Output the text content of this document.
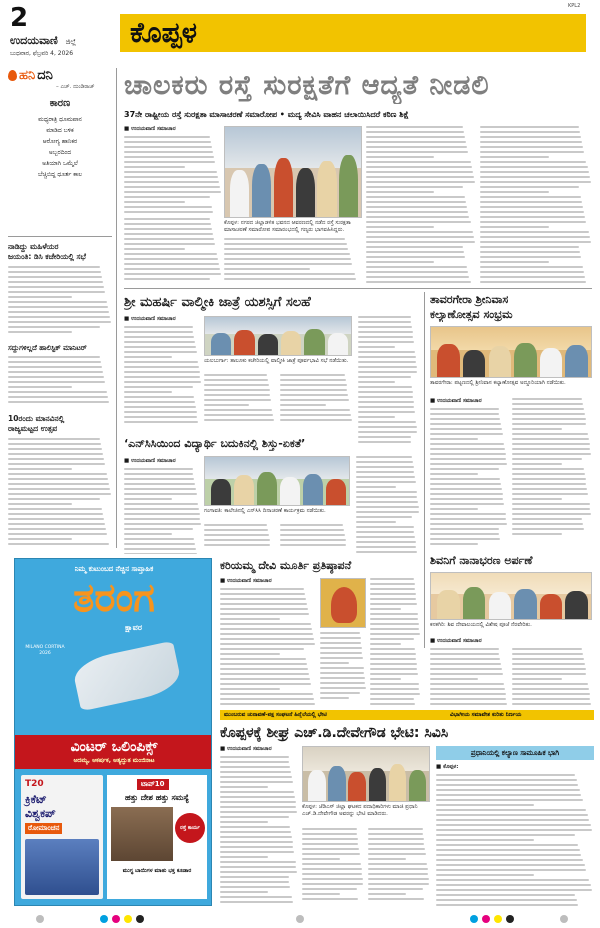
2
ಉದಯವಾಣಿ ಜಿಲ್ಲೆ
ಬುಧವಾರ, ಫೆಬ್ರವರಿ 4, 2026
ಕೊಪ್ಪಳ
KPL2
ಹನಿ ದನಿ
– ಎಚ್. ದುಂಡಿರಾಜ್
ಕಾರಣ
ಮಧ್ಯರಾತ್ರಿ ಧೂಮಪಾನ
ಮಾಡಿದ ಬಳಿಕ
ಆರೋಗ್ಯ ಹಾನಿಕರ
ಅಬ್ಬರದಿಂದ
ಅತಿಯಾಗಿ ಒಮ್ಮೆಲೆ
ಬೆಚ್ಚಿಬಿದ್ದ ಧೂರ್ತ ಕಾಲ
ನಾಡಿದ್ದು ಮಹಿಳೆಯರ
ಜಯಂತಿ: ಡಿಸಿ ಕಚೇರಿಯಲ್ಲಿ ಸಭೆ
ಸದ್ದುಗಳಿಲ್ಲದೆ ಹಾಲಿಸ್ಟಿಕ್ ಮಾನಿಟರ್
10ರಂದು ಮಾನವಿನಲ್ಲಿ
ರಾಜ್ಯಮಟ್ಟದ ಉತ್ಸವ
ಚಾಲಕರು ರಸ್ತೆ ಸುರಕ್ಷತೆಗೆ ಆದ್ಯತೆ ನೀಡಲಿ
37ನೇ ರಾಷ್ಟ್ರೀಯ ರಸ್ತೆ ಸುರಕ್ಷತಾ ಮಾಸಾಚರಣೆ ಸಮಾರೋಪ • ಮದ್ಯ ಸೇವಿಸಿ ವಾಹನ ಚಲಾಯಿಸಿದರೆ ಕಠಿಣ ಶಿಕ್ಷೆ
■ ಉದಯವಾಣಿ ಸಮಾಚಾರ
ಕೊಪ್ಪಳ: ನಗರದ ಜಿಲ್ಲಾಡಳಿತ ಭವನದ ಆವರಣದಲ್ಲಿ ನಡೆದ ರಸ್ತೆ ಸುರಕ್ಷತಾ ಮಾಸಾಚರಣೆ ಸಮಾರೋಪ ಸಮಾರಂಭದಲ್ಲಿ ಗಣ್ಯರು ಭಾಗವಹಿಸಿದ್ದರು.
ಶ್ರೀ ಮಹರ್ಷಿ ವಾಲ್ಮೀಕಿ ಜಾತ್ರೆ ಯಶಸ್ಸಿಗೆ ಸಲಹೆ
■ ಉದಯವಾಣಿ ಸಮಾಚಾರ
ಯಲಬುರ್ಗಾ: ತಾಲೂಕು ಕಚೇರಿಯಲ್ಲಿ ವಾಲ್ಮೀಕಿ ಜಾತ್ರೆ ಪೂರ್ವಭಾವಿ ಸಭೆ ನಡೆಯಿತು.
ತಾವರಗೇರಾ ಶ್ರೀನಿವಾಸ
ಕಲ್ಯಾಣೋತ್ಸವ ಸಂಭ್ರಮ
ತಾವರಗೇರಾ: ಪಟ್ಟಣದಲ್ಲಿ ಶ್ರೀನಿವಾಸ ಕಲ್ಯಾಣೋತ್ಸವ ಅದ್ದೂರಿಯಾಗಿ ನಡೆಯಿತು.
■ ಉದಯವಾಣಿ ಸಮಾಚಾರ
‘ಎನ್‌ಸಿಸಿಯಿಂದ ವಿದ್ಯಾರ್ಥಿ ಬದುಕಿನಲ್ಲಿ ಶಿಸ್ತು-ಏಕತೆ’
ಗಂಗಾವತಿ: ಕಾಲೇಜಿನಲ್ಲಿ ಎನ್‌ಸಿಸಿ ದಿನಾಚರಣೆ ಕಾರ್ಯಕ್ರಮ ನಡೆಯಿತು.
■ ಉದಯವಾಣಿ ಸಮಾಚಾರ
ಶಿವನಿಗೆ ನಾನಾಭರಣ ಅರ್ಪಣೆ
ಕನಕಗಿರಿ: ಶಿವ ದೇವಾಲಯದಲ್ಲಿ ವಿಶೇಷ ಪೂಜೆ ನೆರವೇರಿತು.
■ ಉದಯವಾಣಿ ಸಮಾಚಾರ
ನಿಮ್ಮ ಕುಟುಂಬದ ನೆಚ್ಚಿನ ಸಾಪ್ತಾಹಿಕ
ತರಂಗ
ಕ್ಷಾವರ
MILANO CORTINA 2026
ವಿಂಟರ್ ಒಲಿಂಪಿಕ್ಸ್
ಅದಮ್ಯ, ಆಕರ್ಷಕ, ಅತ್ಯದ್ಭುತ ಮಂಜಿನಾಟ
T20
ಕ್ರಿಕೆಟ್
ವಿಶ್ವಕಪ್
ರೋಮಾಂಚನ
ಟಾಪ್10
ಹತ್ತು ದೇಶ ಹತ್ತು ಸಮಸ್ಯೆ
ರಸ್ತೆ ಕಾರ್ಯ
ಮುಗ್ಧ ಬಾಯಿಗಳ ಮಾತು ಭಕ್ತ ಕೂಡಾರ
ಕರಿಯಮ್ಮ ದೇವಿ ಮೂರ್ತಿ ಪ್ರತಿಷ್ಠಾಪನೆ
■ ಉದಯವಾಣಿ ಸಮಾಚಾರ
ಮುಂಬರುವ ಚುನಾವಣೆ-ಪಕ್ಷ ಸಂಘಟನೆ ಹಿನ್ನೆಲೆಯಲ್ಲಿ ಭೇಟಿ	ವಿಭಾಗೀಯ ಸಮಾವೇಶ ಕುರಿತು ನಿರ್ಣಯ
ಕೊಪ್ಪಳಕ್ಕೆ ಶೀಘ್ರ ಎಚ್.ಡಿ.ದೇವೇಗೌಡ ಭೇಟಿ: ಸಿವಿಸಿ
■ ಉದಯವಾಣಿ ಸಮಾಚಾರ
ಕೊಪ್ಪಳ: ಜೆಡಿಎಸ್ ಜಿಲ್ಲಾ ಘಟಕದ ಪದಾಧಿಕಾರಿಗಳು ಮಾಜಿ ಪ್ರಧಾನಿ ಎಚ್.ಡಿ.ದೇವೇಗೌಡ ಅವರನ್ನು ಭೇಟಿ ಮಾಡಿದರು.
ಪ್ರಧಾನಿಯಲ್ಲಿ ಕಲ್ಯಾಣ ಸಾಮೂಹಿಕ ಭಾಗಿ
■ ಕೊಪ್ಪಳ:
